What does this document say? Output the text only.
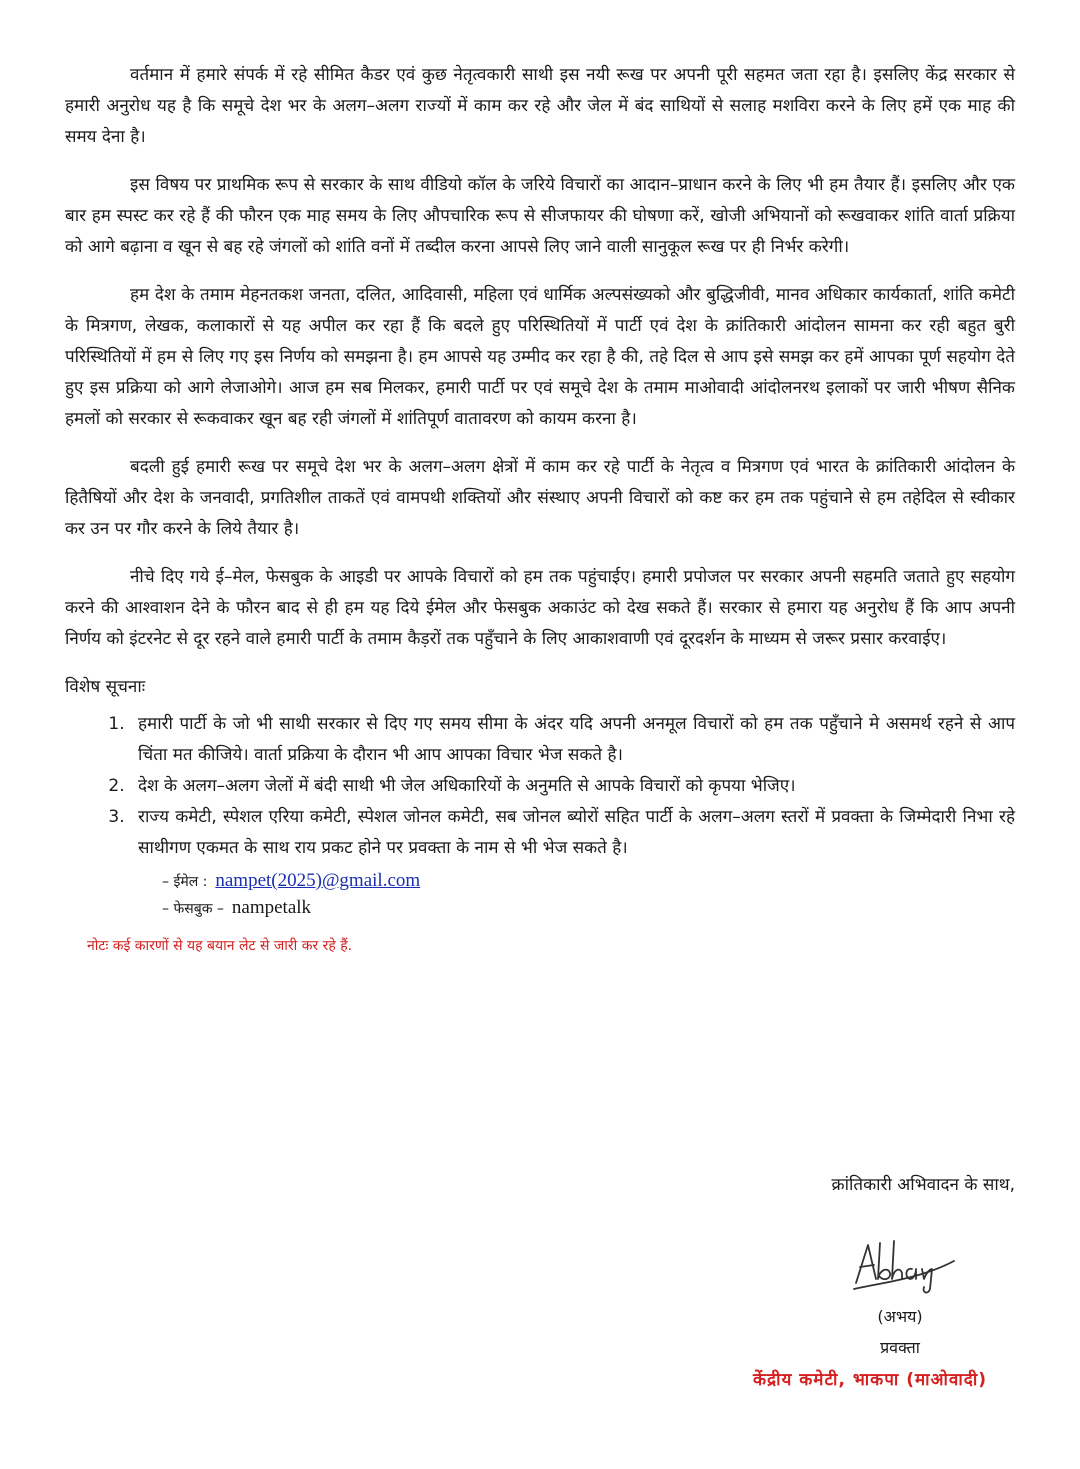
वर्तमान में हमारे संपर्क में रहे सीमित कैडर एवं कुछ नेतृत्वकारी साथी इस नयी रूख पर अपनी पूरी सहमत जता रहा है। इसलिए केंद्र सरकार से हमारी अनुरोध यह है कि समूचे देश भर के अलग–अलग राज्यों में काम कर रहे और जेल में बंद साथियों से सलाह मशविरा करने के लिए हमें एक माह की समय देना है।

इस विषय पर प्राथमिक रूप से सरकार के साथ वीडियो कॉल के जरिये विचारों का आदान–प्राधान करने के लिए भी हम तैयार हैं। इसलिए और एक बार हम स्पस्ट कर रहे हैं की फौरन एक माह समय के लिए औपचारिक रूप से सीजफायर की घोषणा करें, खोजी अभियानों को रूखवाकर शांति वार्ता प्रक्रिया को आगे बढ़ाना व खून से बह रहे जंगलों को शांति वनों में तब्दील करना आपसे लिए जाने वाली सानुकूल रूख पर ही निर्भर करेगी।

हम देश के तमाम मेहनतकश जनता, दलित, आदिवासी, महिला एवं धार्मिक अल्पसंख्यको और बुद्धिजीवी, मानव अधिकार कार्यकार्ता, शांति कमेटी के मित्रगण, लेखक, कलाकारों से यह अपील कर रहा हैं कि बदले हुए परिस्थितियों में पार्टी एवं देश के क्रांतिकारी आंदोलन सामना कर रही बहुत बुरी परिस्थितियों में हम से लिए गए इस निर्णय को समझना है। हम आपसे यह उम्मीद कर रहा है की, तहे दिल से आप इसे समझ कर हमें आपका पूर्ण सहयोग देते हुए इस प्रक्रिया को आगे लेजाओगे। आज हम सब मिलकर, हमारी पार्टी पर एवं समूचे देश के तमाम माओवादी आंदोलनरथ इलाकों पर जारी भीषण सैनिक हमलों को सरकार से रूकवाकर खून बह रही जंगलों में शांतिपूर्ण वातावरण को कायम करना है।

बदली हुई हमारी रूख पर समूचे देश भर के अलग–अलग क्षेत्रों में काम कर रहे पार्टी के नेतृत्व व मित्रगण एवं भारत के क्रांतिकारी आंदोलन के हितैषियों और देश के जनवादी, प्रगतिशील ताकतें एवं वामपथी शक्तियों और संस्थाए अपनी विचारों को कष्ट कर हम तक पहुंचाने से हम तहेदिल से स्वीकार कर उन पर गौर करने के लिये तैयार है।

नीचे दिए गये ई–मेल, फेसबुक के आइडी पर आपके विचारों को हम तक पहुंचाईए। हमारी प्रपोजल पर सरकार अपनी सहमति जताते हुए सहयोग करने की आश्वाशन देने के फौरन बाद से ही हम यह दिये ईमेल और फेसबुक अकाउंट को देख सकते हैं। सरकार से हमारा यह अनुरोध हैं कि आप अपनी निर्णय को इंटरनेट से दूर रहने वाले हमारी पार्टी के तमाम कैड़रों तक पहुँचाने के लिए आकाशवाणी एवं दूरदर्शन के माध्यम से जरूर प्रसार करवाईए।

विशेष सूचनाः
1. हमारी पार्टी के जो भी साथी सरकार से दिए गए समय सीमा के अंदर यदि अपनी अनमूल विचारों को हम तक पहुँचाने मे असमर्थ रहने से आप चिंता मत कीजिये। वार्ता प्रक्रिया के दौरान भी आप आपका विचार भेज सकते है।
2. देश के अलग–अलग जेलों में बंदी साथी भी जेल अधिकारियों के अनुमति से आपके विचारों को कृपया भेजिए।
3. राज्य कमेटी, स्पेशल एरिया कमेटी, स्पेशल जोनल कमेटी, सब जोनल ब्योरों सहित पार्टी के अलग–अलग स्तरों में प्रवक्ता के जिम्मेदारी निभा रहे साथीगण एकमत के साथ राय प्रकट होने पर प्रवक्ता के नाम से भी भेज सकते है।
– ईमेल : nampet(2025)@gmail.com
– फेसबुक – nampetalk
नोटः कई कारणों से यह बयान लेट से जारी कर रहे हैं.
क्रांतिकारी अभिवादन के साथ,
(अभय)
प्रवक्ता
केंद्रीय कमेटी, भाकपा (माओवादी)
